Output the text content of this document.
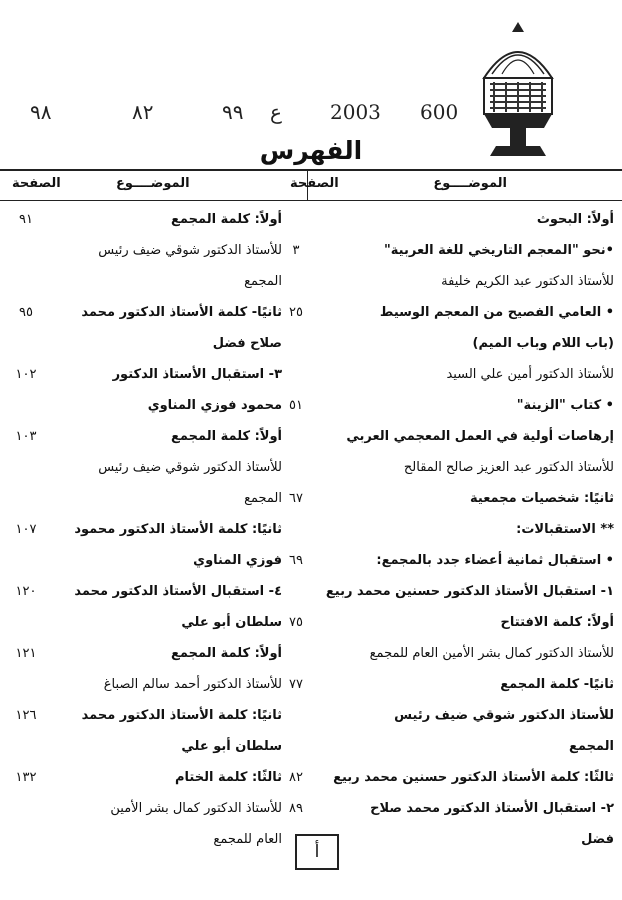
٩٨	٨٢	٩٩ ع 2003 600
الفهرس
الموضــــوع
الصفحة
الموضــــوع
الصفحة
أولاً: البحوث
•نحو "المعجم التاريخي للغة العربية"
٣
للأستاذ الدكتور عبد الكريم خليفة
• العامي الفصيح من المعجم الوسيط
٢٥
(باب اللام وباب الميم)
للأستاذ الدكتور أمين علي السيد
• كتاب "الزينة"
٥١
إرهاصات أولية في العمل المعجمي العربي
للأستاذ الدكتور عبد العزيز صالح المقالح
ثانيًا: شخصيات مجمعية
٦٧
** الاستقبالات:
• استقبال ثمانية أعضاء جدد بالمجمع:
٦٩
١- استقبال الأستاذ الدكتور حسنين محمد ربيع
أولاً: كلمة الافتتاح
٧٥
للأستاذ الدكتور كمال بشر الأمين العام للمجمع
ثانيًا- كلمة المجمع
٧٧
للأستاذ الدكتور شوقي ضيف رئيس
المجمع
ثالثًا: كلمة الأستاذ الدكتور حسنين محمد ربيع
٨٢
٢- استقبال الأستاذ الدكتور محمد صلاح
٨٩
فضل
أولاً: كلمة المجمع
٩١
للأستاذ الدكتور شوقي ضيف رئيس
المجمع
ثانيًا- كلمة الأستاذ الدكتور محمد
٩٥
صلاح فضل
٣- استقبال الأستاذ الدكتور
١٠٢
محمود فوزي المناوي
أولاً: كلمة المجمع
١٠٣
للأستاذ الدكتور شوقي ضيف رئيس
المجمع
ثانيًا: كلمة الأستاذ الدكتور محمود
١٠٧
فوزي المناوي
٤- استقبال الأستاذ الدكتور محمد
١٢٠
سلطان أبو علي
أولاً: كلمة المجمع
١٢١
للأستاذ الدكتور أحمد سالم الصباغ
ثانيًا: كلمة الأستاذ الدكتور محمد
١٢٦
سلطان أبو علي
ثالثًا: كلمة الختام
١٣٢
للأستاذ الدكتور كمال بشر الأمين
العام للمجمع
أ
